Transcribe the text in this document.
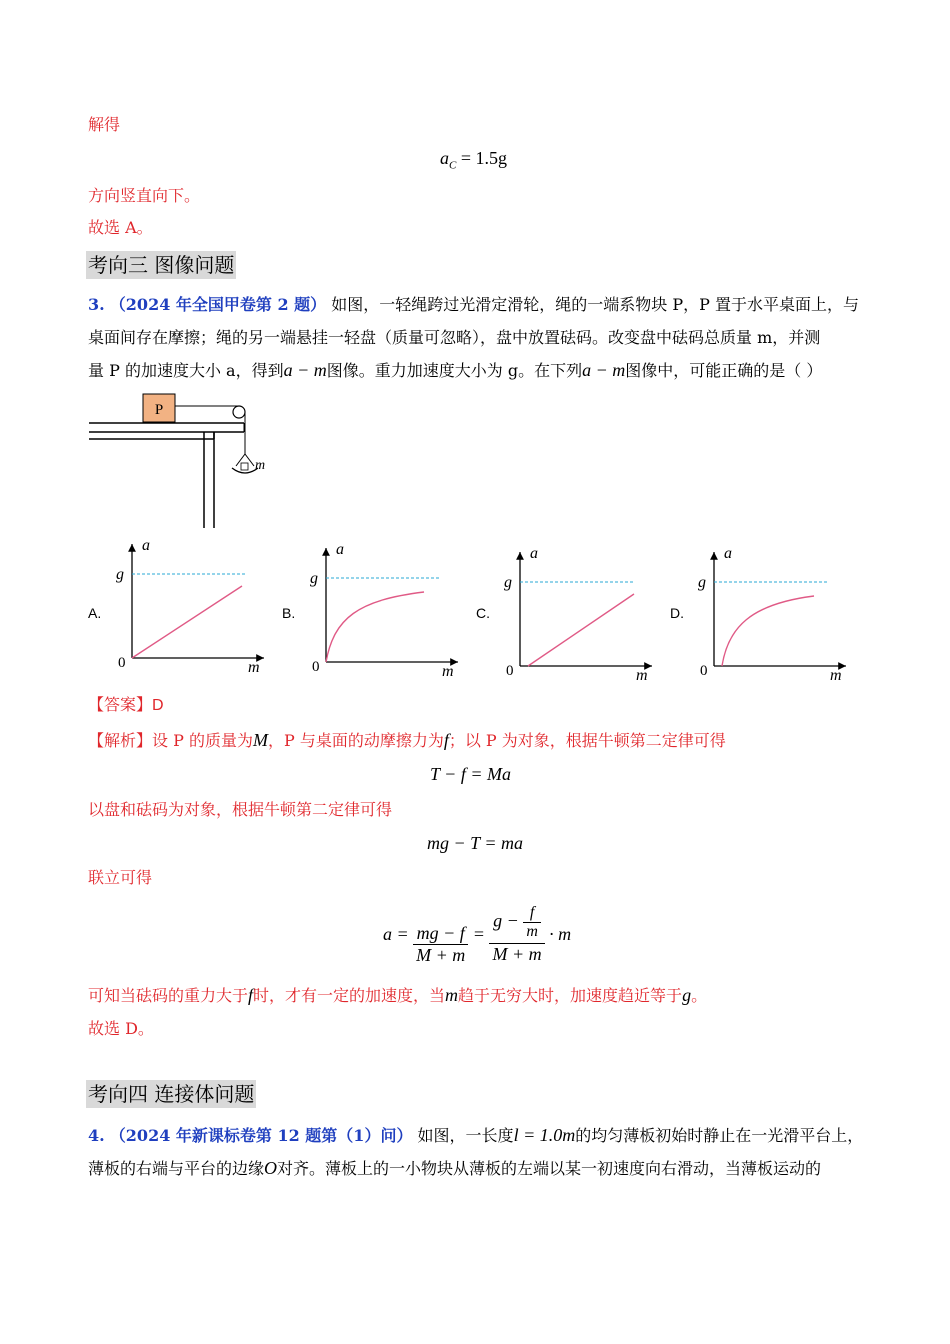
解得
$a_C = 1.5g$
方向竖直向下。
故选 A。
考向三 图像问题
3. （2024 年全国甲卷第 2 题） 如图，一轻绳跨过光滑定滑轮，绳的一端系物块 P，P 置于水平桌面上，与
桌面间存在摩擦；绳的另一端悬挂一轻盘（质量可忽略），盘中放置砝码。改变盘中砝码总质量 m，并测
量 P 的加速度大小 a，得到a − m图像。重力加速度大小为 g。在下列a − m图像中，可能正确的是（ ）
P
m
A.	B.	C.	D.
a
g
0	m
a
g
0	m
a
g
0	m
a
g
0	m
【答案】D
【解析】设 P 的质量为M，P 与桌面的动摩擦力为f；以 P 为对象，根据牛顿第二定律可得
T − f = Ma
以盘和砝码为对象，根据牛顿第二定律可得
mg − T = ma
联立可得
$a = \frac{mg - f}{M + m} = \frac{g - \frac{f}{m}}{M + m} \cdot m$
可知当砝码的重力大于f时，才有一定的加速度，当m趋于无穷大时，加速度趋近等于g。
故选 D。
考向四 连接体问题
4. （2024 年新课标卷第 12 题第（1）问） 如图，一长度l = 1.0m的均匀薄板初始时静止在一光滑平台上，
薄板的右端与平台的边缘O对齐。薄板上的一小物块从薄板的左端以某一初速度向右滑动，当薄板运动的
